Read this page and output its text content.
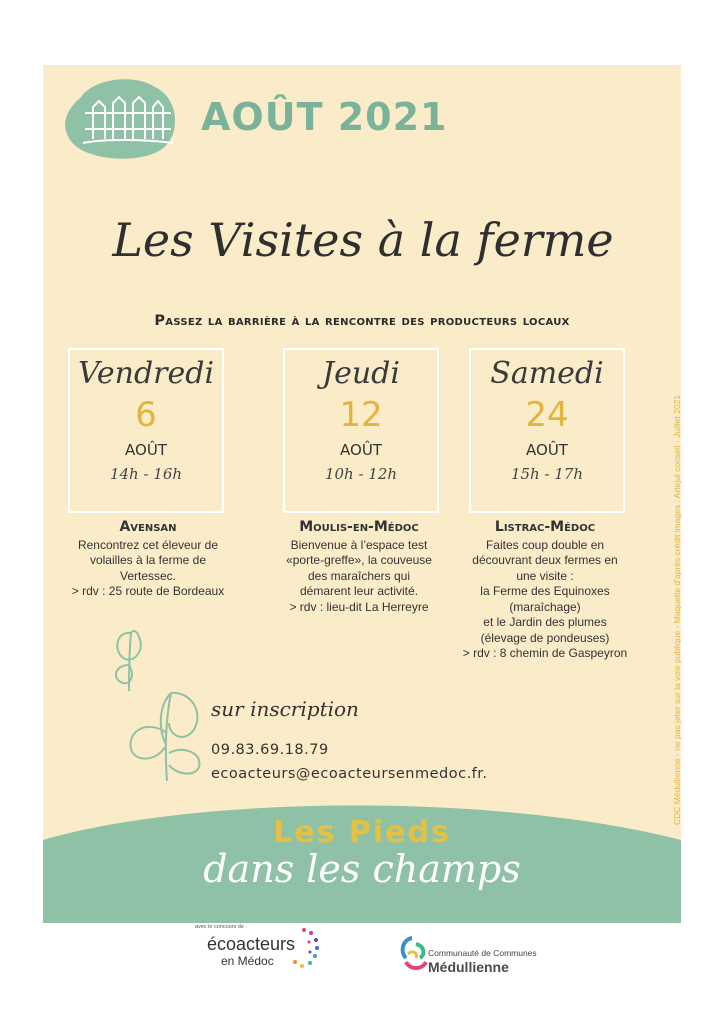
AOÛT 2021
Les Visites à la ferme
Passez la barrière à la rencontre des producteurs locaux
Vendredi
6
AOÛT
14h - 16h
Jeudi
12
AOÛT
10h - 12h
Samedi
24
AOÛT
15h - 17h
Avensan
Rencontrez cet éleveur de
volailles à la ferme de
Vertessec.
> rdv : 25 route de Bordeaux
Moulis-en-Médoc
Bienvenue à l’espace test
«porte-greffe», la couveuse
des maraîchers qui
démarent leur activité.
> rdv : lieu-dit La Herreyre
Listrac-Médoc
Faites coup double en
découvrant deux fermes en
une visite :
la Ferme des Equinoxes
(maraîchage)
et le Jardin des plumes
(élevage de pondeuses)
> rdv : 8 chemin de Gaspeyron
sur inscription
09.83.69.18.79
ecoacteurs@ecoacteursenmedoc.fr.
Les Pieds
dans les champs
CDC Médullienne - ne pas jeter sur la voie publique - Maquette d'après crédit images : Artejul conseil - Juillet 2021
avec le concours de :
écoacteurs
en Médoc
Communauté de Communes
Médullienne
